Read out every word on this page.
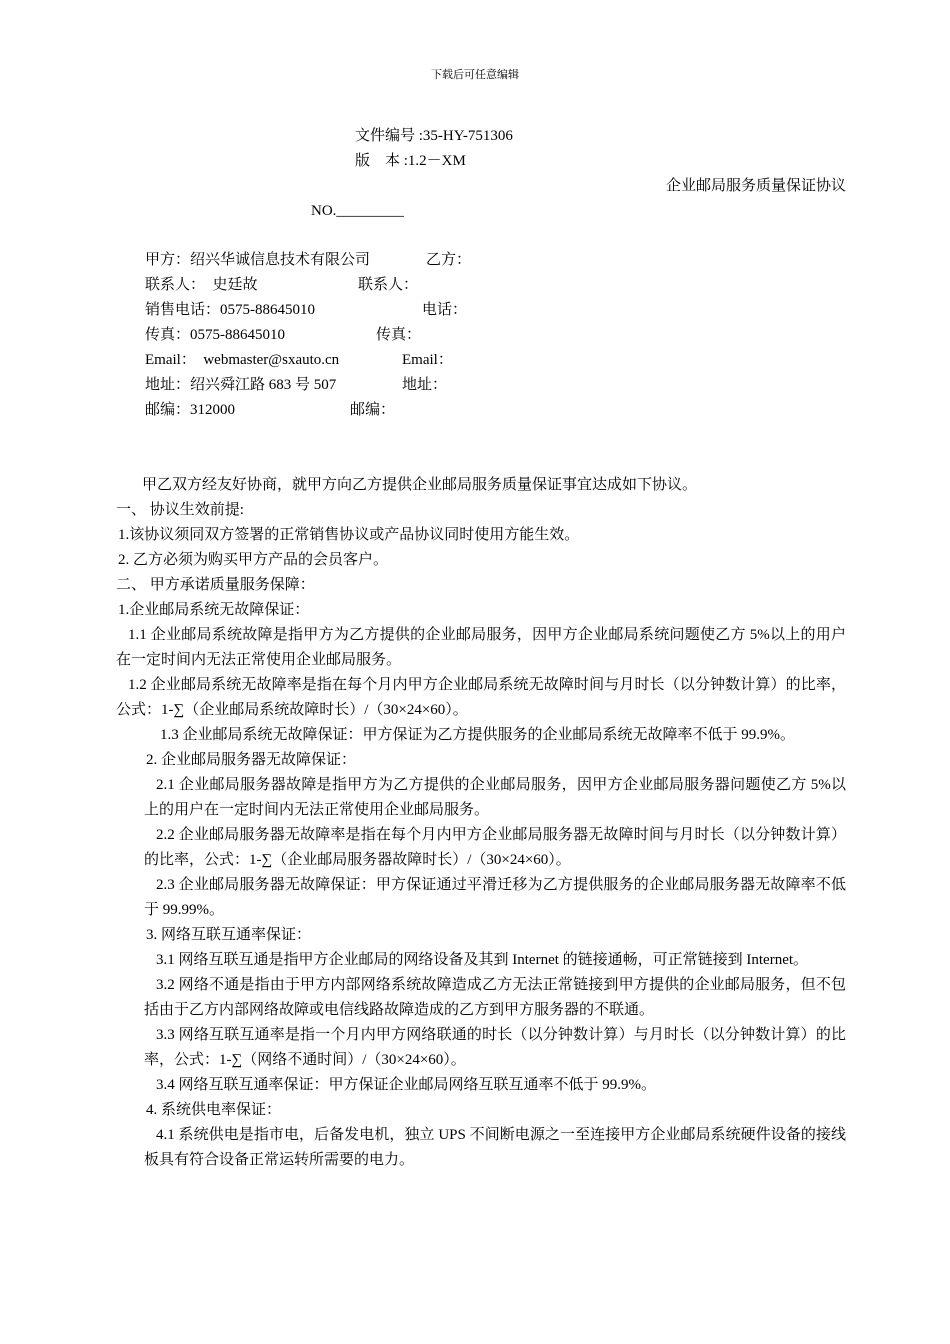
下载后可任意编辑
文件编号 :35-HY-751306
版    本 :1.2－XM
企业邮局服务质量保证协议
NO._________
甲方：绍兴华诚信息技术有限公司	乙方：
联系人：  史廷故	联系人：
销售电话：0575-88645010	电话：
传真：0575-88645010	传真：
Email：  webmaster@sxauto.cn	Email：
地址：绍兴舜江路 683 号 507	地址：
邮编：312000	邮编：

甲乙双方经友好协商，就甲方向乙方提供企业邮局服务质量保证事宜达成如下协议。

一、 协议生效前提:

1.该协议须同双方签署的正常销售协议或产品协议同时使用方能生效。

2. 乙方必须为购买甲方产品的会员客户。

二、 甲方承诺质量服务保障：

1.企业邮局系统无故障保证：

1.1 企业邮局系统故障是指甲方为乙方提供的企业邮局服务，因甲方企业邮局系统问题使乙方 5%以上的用户在一定时间内无法正常使用企业邮局服务。

1.2 企业邮局系统无故障率是指在每个月内甲方企业邮局系统无故障时间与月时长（以分钟数计算）的比率，公式：1-∑（企业邮局系统故障时长）/（30×24×60）。

1.3 企业邮局系统无故障保证：甲方保证为乙方提供服务的企业邮局系统无故障率不低于 99.9%。

2. 企业邮局服务器无故障保证：

2.1 企业邮局服务器故障是指甲方为乙方提供的企业邮局服务，因甲方企业邮局服务器问题使乙方 5%以上的用户在一定时间内无法正常使用企业邮局服务。

2.2 企业邮局服务器无故障率是指在每个月内甲方企业邮局服务器无故障时间与月时长（以分钟数计算）的比率，公式：1-∑（企业邮局服务器故障时长）/（30×24×60）。

2.3 企业邮局服务器无故障保证：甲方保证通过平滑迁移为乙方提供服务的企业邮局服务器无故障率不低于 99.99%。

3. 网络互联互通率保证：

3.1 网络互联互通是指甲方企业邮局的网络设备及其到 Internet 的链接通畅，可正常链接到 Internet。

3.2 网络不通是指由于甲方内部网络系统故障造成乙方无法正常链接到甲方提供的企业邮局服务，但不包括由于乙方内部网络故障或电信线路故障造成的乙方到甲方服务器的不联通。

3.3 网络互联互通率是指一个月内甲方网络联通的时长（以分钟数计算）与月时长（以分钟数计算）的比率，公式：1-∑（网络不通时间）/（30×24×60）。

3.4 网络互联互通率保证：甲方保证企业邮局网络互联互通率不低于 99.9%。

4. 系统供电率保证：

4.1 系统供电是指市电，后备发电机，独立 UPS 不间断电源之一至连接甲方企业邮局系统硬件设备的接线板具有符合设备正常运转所需要的电力。
